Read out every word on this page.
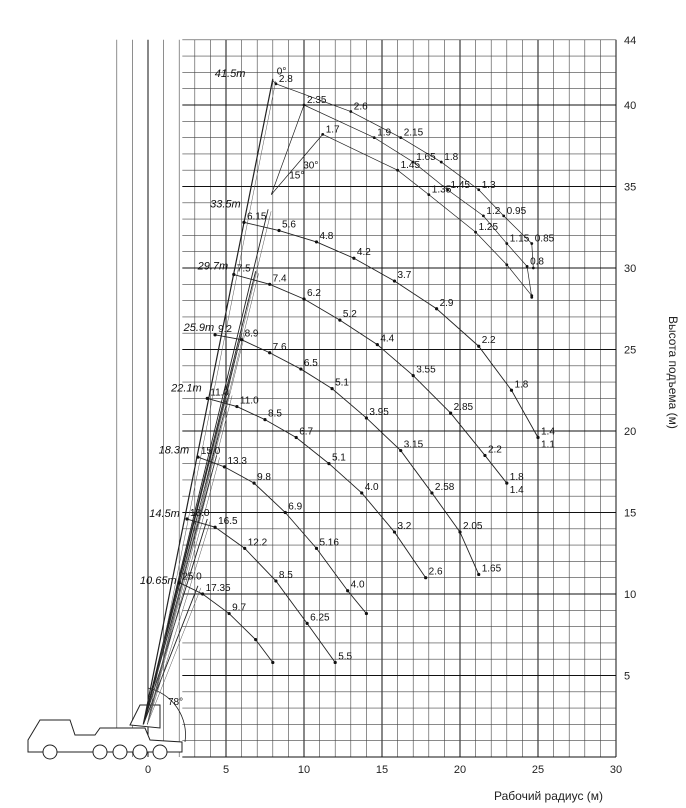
0	5	10	15	20	25	30
5
10
15
20
25
30
35
40
44
10.65m
14.5m
18.3m
22.1m
25.9m
29.7m
33.5m
41.5m
6.15
5.6
4.8
4.2
3.7
2.9
2.2
1.8
1.4
1.1
7.5
7.4
6.2
5.2
4.4
3.55
2.85
2.2
1.8
1.4
9.2 8.9
7.6
6.5
5.1
3.95
3.15
2.58
2.05
1.65
11.0
11.0
8.5
6.7
5.1
4.0
3.2
2.6
15.0
13.3
9.8
6.9
5.16
4.0
18.0
16.5
12.2
8.5
6.25
5.5
25.0
17.35
9.7
2.8
2.6
2.15
1.8
1.3
0.95
0.85
0°
2.35
1.9
1.65
1.45
1.2
1.15
0.8
15°
1.7
1.45
1.35
1.25
30°
78°
Рабочий радиус (м)
Высота подъема (м)
